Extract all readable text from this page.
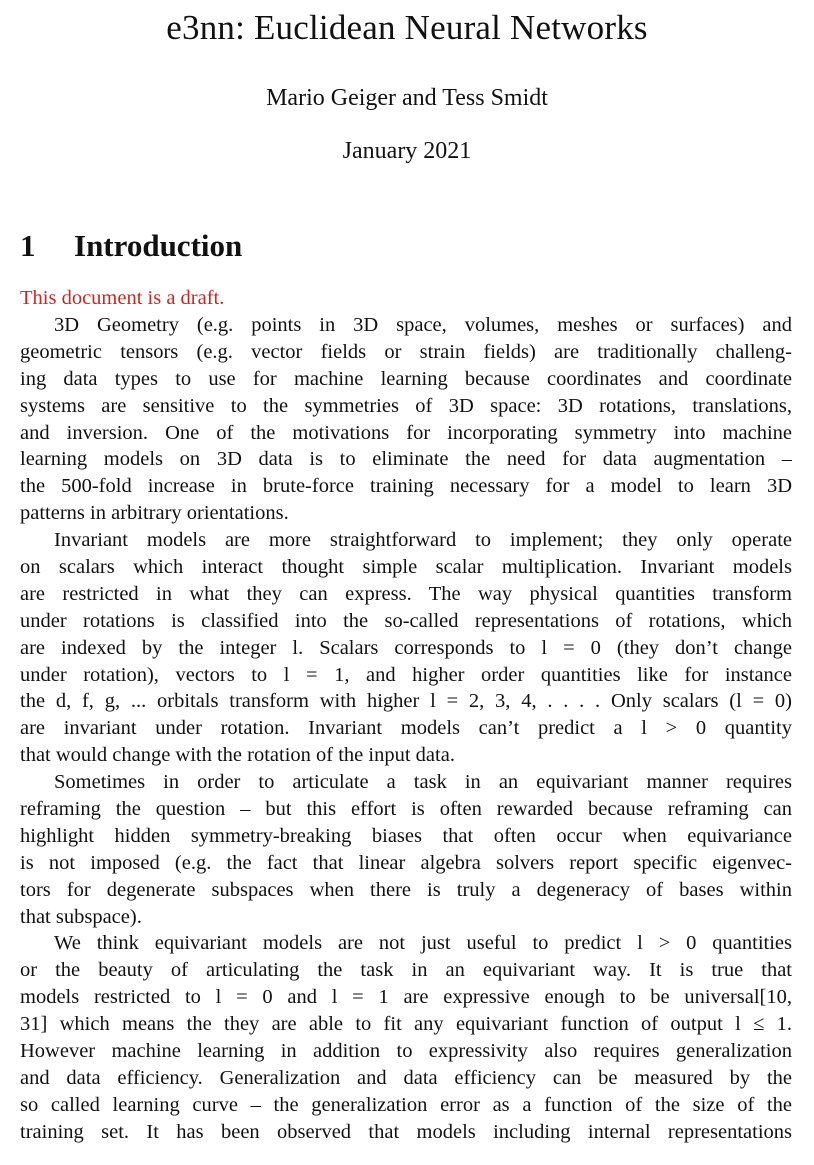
e3nn: Euclidean Neural Networks
Mario Geiger and Tess Smidt
January 2021
1 Introduction
This document is a draft.
3D Geometry (e.g. points in 3D space, volumes, meshes or surfaces) and
geometric tensors (e.g. vector fields or strain fields) are traditionally challeng-
ing data types to use for machine learning because coordinates and coordinate
systems are sensitive to the symmetries of 3D space: 3D rotations, translations,
and inversion. One of the motivations for incorporating symmetry into machine
learning models on 3D data is to eliminate the need for data augmentation –
the 500-fold increase in brute-force training necessary for a model to learn 3D
patterns in arbitrary orientations.
Invariant models are more straightforward to implement; they only operate
on scalars which interact thought simple scalar multiplication. Invariant models
are restricted in what they can express. The way physical quantities transform
under rotations is classified into the so-called representations of rotations, which
are indexed by the integer l. Scalars corresponds to l = 0 (they don’t change
under rotation), vectors to l = 1, and higher order quantities like for instance
the d, f, g, ... orbitals transform with higher l = 2, 3, 4, . . . . Only scalars (l = 0)
are invariant under rotation. Invariant models can’t predict a l > 0 quantity
that would change with the rotation of the input data.
Sometimes in order to articulate a task in an equivariant manner requires
reframing the question – but this effort is often rewarded because reframing can
highlight hidden symmetry-breaking biases that often occur when equivariance
is not imposed (e.g. the fact that linear algebra solvers report specific eigenvec-
tors for degenerate subspaces when there is truly a degeneracy of bases within
that subspace).
We think equivariant models are not just useful to predict l > 0 quantities
or the beauty of articulating the task in an equivariant way. It is true that
models restricted to l = 0 and l = 1 are expressive enough to be universal[10,
31] which means the they are able to fit any equivariant function of output l ≤ 1.
However machine learning in addition to expressivity also requires generalization
and data efficiency. Generalization and data efficiency can be measured by the
so called learning curve – the generalization error as a function of the size of the
training set. It has been observed that models including internal representations
